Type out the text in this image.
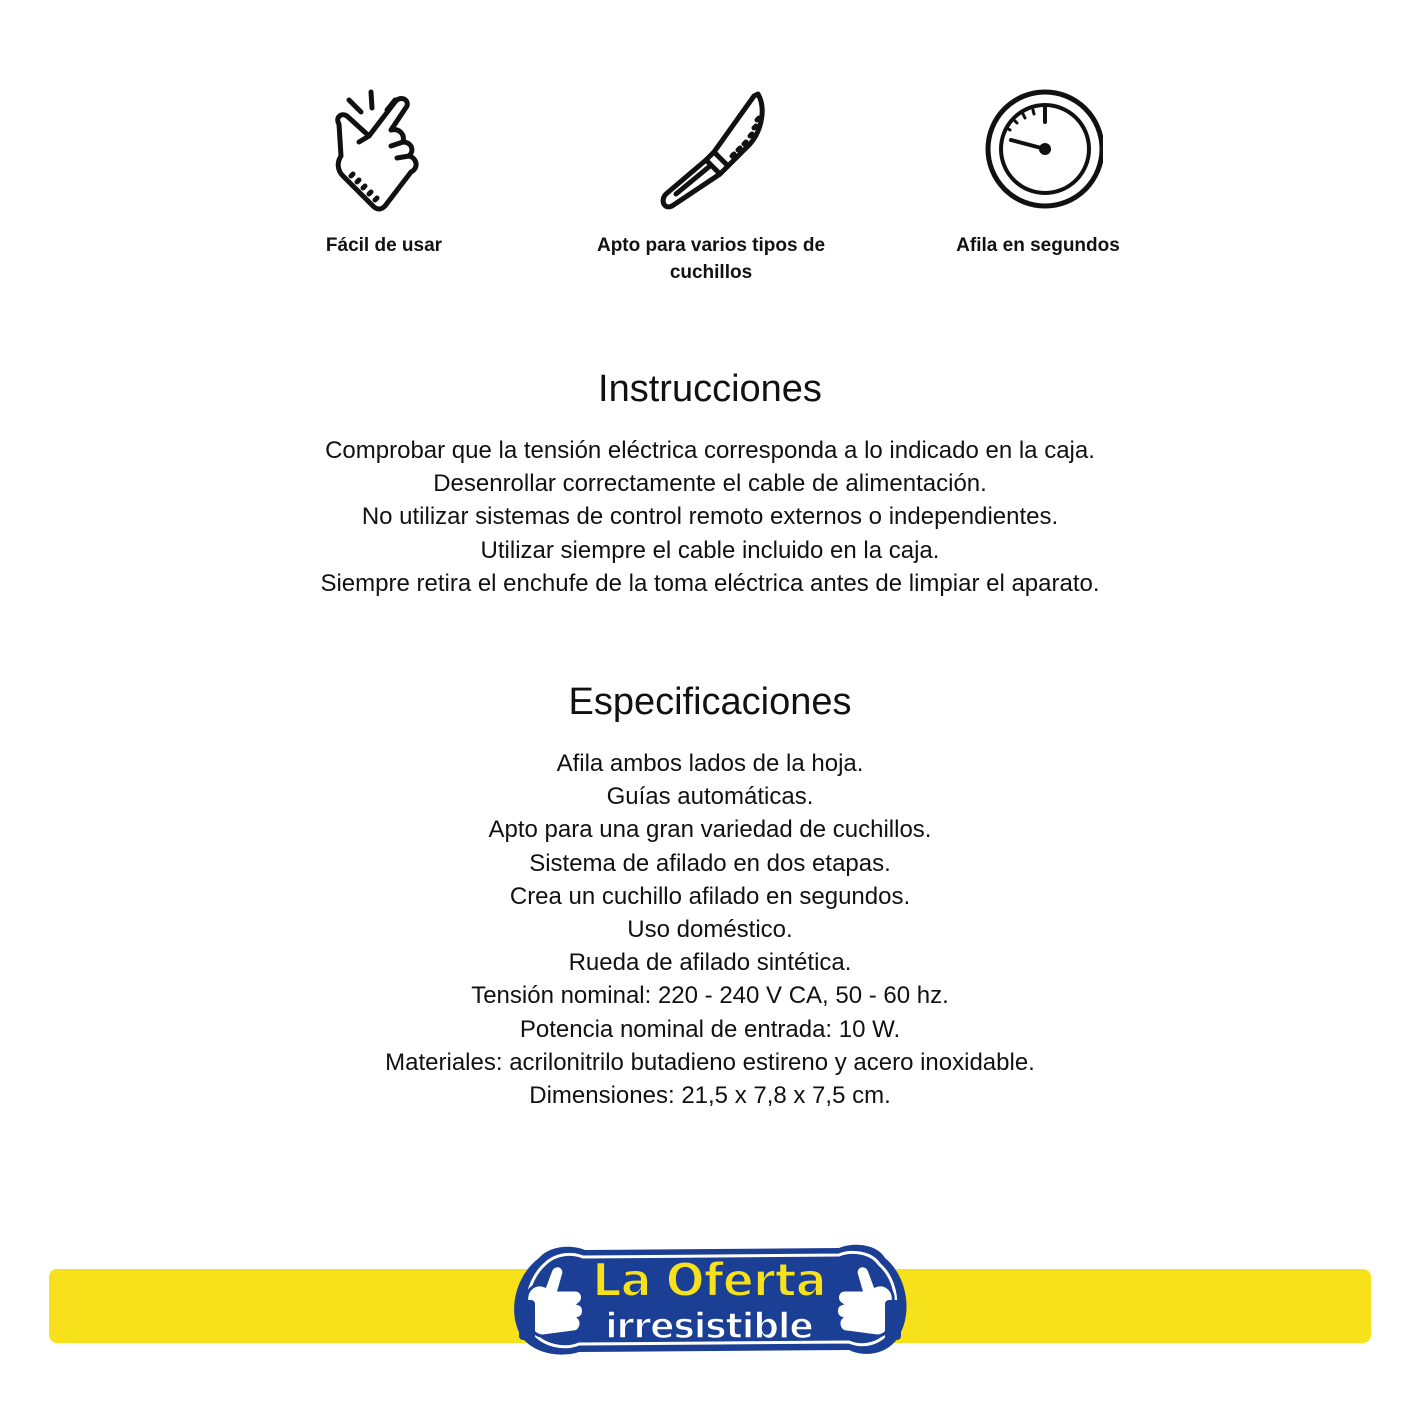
Fácil de usar	Apto para varios tipos de cuchillos
Afila en segundos
Instrucciones
Comprobar que la tensión eléctrica corresponda a lo indicado en la caja.
Desenrollar correctamente el cable de alimentación.
No utilizar sistemas de control remoto externos o independientes.
Utilizar siempre el cable incluido en la caja.
Siempre retira el enchufe de la toma eléctrica antes de limpiar el aparato.
Especificaciones
Afila ambos lados de la hoja.
Guías automáticas.
Apto para una gran variedad de cuchillos.
Sistema de afilado en dos etapas.
Crea un cuchillo afilado en segundos.
Uso doméstico.
Rueda de afilado sintética.
Tensión nominal: 220 - 240 V CA, 50 - 60 hz.
Potencia nominal de entrada: 10 W.
Materiales: acrilonitrilo butadieno estireno y acero inoxidable.
Dimensiones: 21,5 x 7,8 x 7,5 cm.
La Oferta
irresistible
